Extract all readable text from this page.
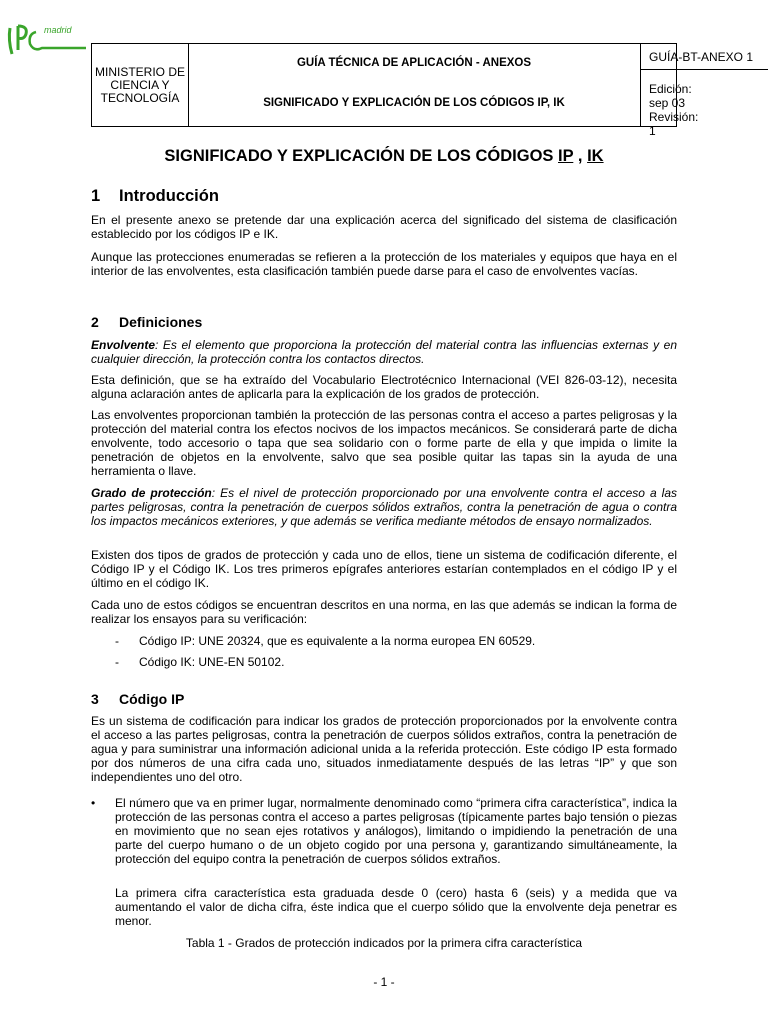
madrid
MINISTERIO DE CIENCIA Y TECNOLOGÍA
GUÍA TÉCNICA DE APLICACIÓN - ANEXOS
SIGNIFICADO Y EXPLICACIÓN DE LOS CÓDIGOS IP, IK
GUÍA-BT-ANEXO 1
Edición: sep 03
Revisión: 1
SIGNIFICADO Y EXPLICACIÓN DE LOS CÓDIGOS IP , IK
1 Introducción
En el presente anexo se pretende dar una explicación acerca del significado del sistema de clasificación establecido por los códigos IP e IK.
Aunque las protecciones enumeradas se refieren a la protección de los materiales y equipos que haya en el interior de las envolventes, esta clasificación también puede darse para el caso de envolventes vacías.
2 Definiciones
Envolvente: Es el elemento que proporciona la protección del material contra las influencias externas y en cualquier dirección, la protección contra los contactos directos.
Esta definición, que se ha extraído del Vocabulario Electrotécnico Internacional (VEI 826-03-12), necesita alguna aclaración antes de aplicarla para la explicación de los grados de protección.
Las envolventes proporcionan también la protección de las personas contra el acceso a partes peligrosas y la protección del material contra los efectos nocivos de los impactos mecánicos. Se considerará parte de dicha envolvente, todo accesorio o tapa que sea solidario con o forme parte de ella y que impida o limite la penetración de objetos en la envolvente, salvo que sea posible quitar las tapas sin la ayuda de una herramienta o llave.
Grado de protección: Es el nivel de protección proporcionado por una envolvente contra el acceso a las partes peligrosas, contra la penetración de cuerpos sólidos extraños, contra la penetración de agua o contra los impactos mecánicos exteriores, y que además se verifica mediante métodos de ensayo normalizados.
Existen dos tipos de grados de protección y cada uno de ellos, tiene un sistema de codificación diferente, el Código IP y el Código IK. Los tres primeros epígrafes anteriores estarían contemplados en el código IP y el último en el código IK.
Cada uno de estos códigos se encuentran descritos en una norma, en las que además se indican la forma de realizar los ensayos para su verificación:
- Código IP: UNE 20324, que es equivalente a la norma europea EN 60529.
- Código IK: UNE-EN 50102.
3 Código IP
Es un sistema de codificación para indicar los grados de protección proporcionados por la envolvente contra el acceso a las partes peligrosas, contra la penetración de cuerpos sólidos extraños, contra la penetración de agua y para suministrar una información adicional unida a la referida protección. Este código IP esta formado por dos números de una cifra cada uno, situados inmediatamente después de las letras “IP” y que son independientes uno del otro.
• El número que va en primer lugar, normalmente denominado como “primera cifra característica”, indica la protección de las personas contra el acceso a partes peligrosas (típicamente partes bajo tensión o piezas en movimiento que no sean ejes rotativos y análogos), limitando o impidiendo la penetración de una parte del cuerpo humano o de un objeto cogido por una persona y, garantizando simultáneamente, la protección del equipo contra la penetración de cuerpos sólidos extraños.
La primera cifra característica esta graduada desde 0 (cero) hasta 6 (seis) y a medida que va aumentando el valor de dicha cifra, éste indica que el cuerpo sólido que la envolvente deja penetrar es menor.
Tabla 1 - Grados de protección indicados por la primera cifra característica
- 1 -
